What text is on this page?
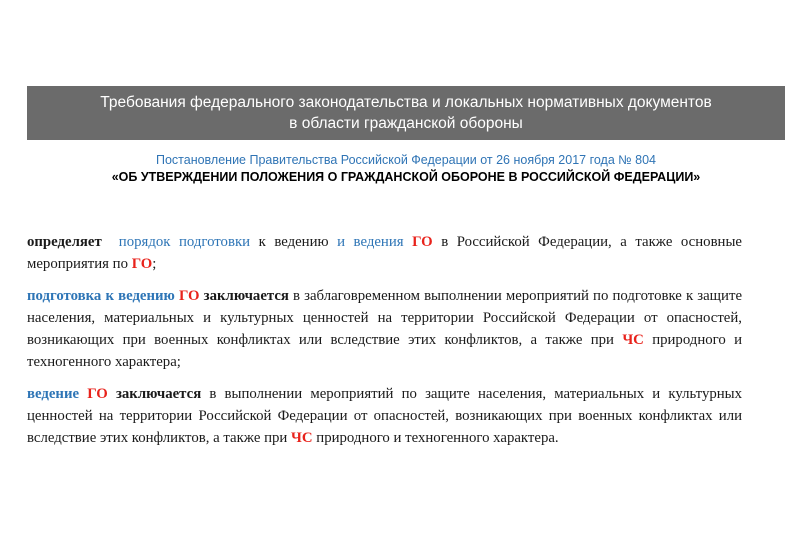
Требования федерального законодательства и локальных нормативных документов
в области гражданской обороны
Постановление Правительства Российской Федерации от 26 ноября 2017 года № 804
«ОБ УТВЕРЖДЕНИИ ПОЛОЖЕНИЯ О ГРАЖДАНСКОЙ ОБОРОНЕ В РОССИЙСКОЙ ФЕДЕРАЦИИ»

определяет порядок подготовки к ведению и ведения ГО в Российской Федерации, а также основные мероприятия по ГО;

подготовка к ведению ГО заключается в заблаговременном выполнении мероприятий по подготовке к защите населения, материальных и культурных ценностей на территории Российской Федерации от опасностей, возникающих при военных конфликтах или вследствие этих конфликтов, а также при ЧС природного и техногенного характера;

ведение ГО заключается в выполнении мероприятий по защите населения, материальных и культурных ценностей на территории Российской Федерации от опасностей, возникающих при военных конфликтах или вследствие этих конфликтов, а также при ЧС природного и техногенного характера.
